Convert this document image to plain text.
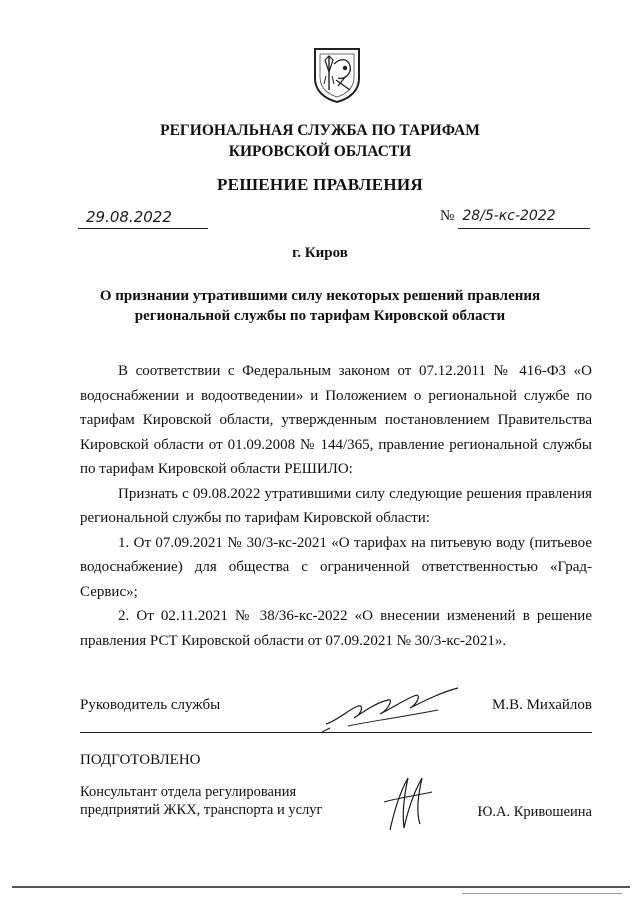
РЕГИОНАЛЬНАЯ СЛУЖБА ПО ТАРИФАМ
КИРОВСКОЙ ОБЛАСТИ
РЕШЕНИЕ ПРАВЛЕНИЯ
29.08.2022	№ 28/5-кс-2022
г. Киров
О признании утратившими силу некоторых решений правления
региональной службы по тарифам Кировской области

В соответствии с Федеральным законом от 07.12.2011 № 416-ФЗ «О водоснабжении и водоотведении» и Положением о региональной службе по тарифам Кировской области, утвержденным постановлением Правительства Кировской области от 01.09.2008 № 144/365, правление региональной службы по тарифам Кировской области РЕШИЛО:

Признать с 09.08.2022 утратившими силу следующие решения правления региональной службы по тарифам Кировской области:

1. От 07.09.2021 № 30/3-кс-2021 «О тарифах на питьевую воду (питьевое водоснабжение) для общества с ограниченной ответственностью «Град-Сервис»;

2. От 02.11.2021 № 38/36-кс-2022 «О внесении изменений в решение правления РСТ Кировской области от 07.09.2021 № 30/3-кс-2021».

Руководитель службы	М.В. Михайлов
ПОДГОТОВЛЕНО
Консультант отдела регулирования
предприятий ЖКХ, транспорта и услуг	Ю.А. Кривошеина
